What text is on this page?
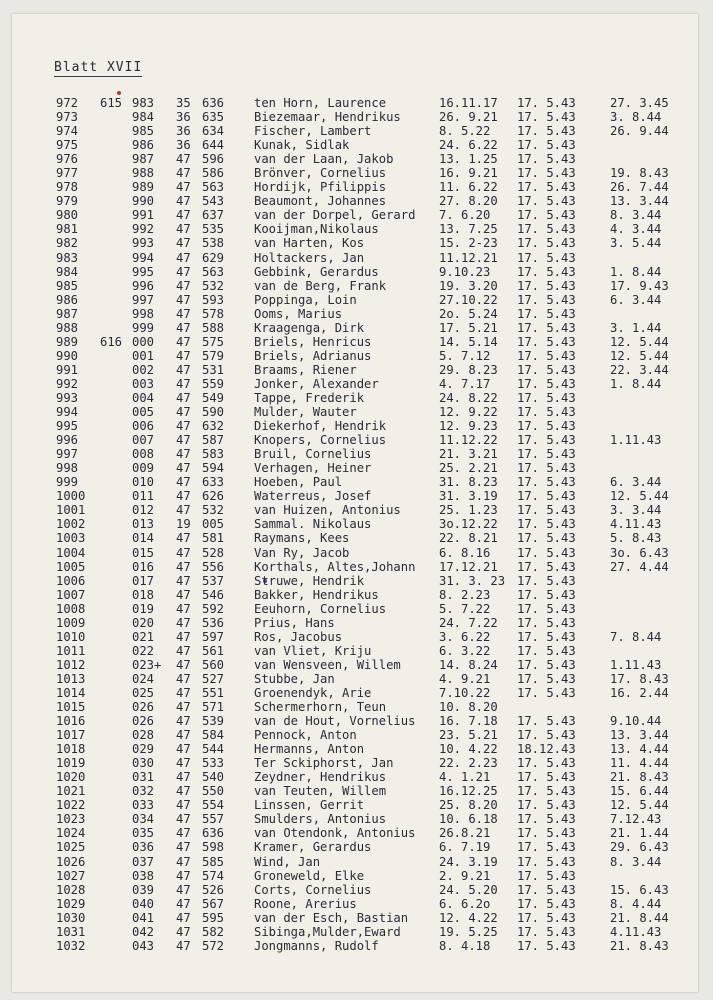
Blatt XVII
972 615 983 35 636 ten Horn, Laurence	16.11.17 17. 5.43	27. 3.45
973	984 36 635 Biezemaar, Hendrikus	26. 9.21 17. 5.43	3. 8.44
974	985 36 634 Fischer, Lambert	8. 5.22 17. 5.43	26. 9.44
975	986 36 644 Kunak, Sidlak	24. 6.22 17. 5.43
976	987 47 596 van der Laan, Jakob	13. 1.25 17. 5.43
977	988 47 586 Brönver, Cornelius	16. 9.21 17. 5.43	19. 8.43
978	989 47 563 Hordijk, Pfilippis	11. 6.22 17. 5.43	26. 7.44
979	990 47 543 Beaumont, Johannes	27. 8.20 17. 5.43	13. 3.44
980	991 47 637 van der Dorpel, Gerard 7. 6.20 17. 5.43	8. 3.44
981	992 47 535 Kooijman,Nikolaus	13. 7.25 17. 5.43	4. 3.44
982	993 47 538 van Harten, Kos	15. 2-23 17. 5.43	3. 5.44
983	994 47 629 Holtackers, Jan	11.12.21 17. 5.43
984	995 47 563 Gebbink, Gerardus	9.10.23 17. 5.43	1. 8.44
985	996 47 532 van de Berg, Frank	19. 3.20 17. 5.43	17. 9.43
986	997 47 593 Poppinga, Loin	27.10.22 17. 5.43	6. 3.44
987	998 47 578 Ooms, Marius	2o. 5.24 17. 5.43
988	999 47 588 Kraagenga, Dirk	17. 5.21 17. 5.43	3. 1.44
989 616 000 47 575 Briels, Henricus	14. 5.14 17. 5.43	12. 5.44
990	001 47 579 Briels, Adrianus	5. 7.12 17. 5.43	12. 5.44
991	002 47 531 Braams, Riener	29. 8.23 17. 5.43	22. 3.44
992	003 47 559 Jonker, Alexander	4. 7.17 17. 5.43	1. 8.44
993	004 47 549 Tappe, Frederik	24. 8.22 17. 5.43
994	005 47 590 Mulder, Wauter	12. 9.22 17. 5.43
995	006 47 632 Diekerhof, Hendrik	12. 9.23 17. 5.43
996	007 47 587 Knopers, Cornelius	11.12.22 17. 5.43	1.11.43
997	008 47 583 Bruil, Cornelius	21. 3.21 17. 5.43
998	009 47 594 Verhagen, Heiner	25. 2.21 17. 5.43
999	010 47 633 Hoeben, Paul	31. 8.23 17. 5.43	6. 3.44
1000	011 47 626 Waterreus, Josef	31. 3.19 17. 5.43	12. 5.44
1001	012 47 532 van Huizen, Antonius	25. 1.23 17. 5.43	3. 3.44
1002	013 19 005 Sammal. Nikolaus	3o.12.22 17. 5.43	4.11.43
1003	014 47 581 Raymans, Kees	22. 8.21 17. 5.43	5. 8.43
1004	015 47 528 Van Ry, Jacob	6. 8.16 17. 5.43	3o. 6.43
1005	016 47 556 Korthals, Altes,Johann 17.12.21 17. 5.43	27. 4.44
1006	017 47 537 Struwe, Hendrik	31. 3. 23 17. 5.43
1007	018 47 546 Bakker, Hendrikus	8. 2.23 17. 5.43
1008	019 47 592 Eeuhorn, Cornelius	5. 7.22 17. 5.43
1009	020 47 536 Prius, Hans	24. 7.22 17. 5.43
1010	021 47 597 Ros, Jacobus	3. 6.22 17. 5.43	7. 8.44
1011	022 47 561 van Vliet, Kriju	6. 3.22 17. 5.43
1012	023+ 47 560 van Wensveen, Willem	14. 8.24 17. 5.43	1.11.43
1013	024 47 527 Stubbe, Jan	4. 9.21 17. 5.43	17. 8.43
1014	025 47 551 Groenendyk, Arie	7.10.22 17. 5.43	16. 2.44
1015	026 47 571 Schermerhorn, Teun	10. 8.20
1016	026 47 539 van de Hout, Vornelius 16. 7.18 17. 5.43	9.10.44
1017	028 47 584 Pennock, Anton	23. 5.21 17. 5.43	13. 3.44
1018	029 47 544 Hermanns, Anton	10. 4.22 18.12.43	13. 4.44
1019	030 47 533 Ter Sckiphorst, Jan	22. 2.23 17. 5.43	11. 4.44
1020	031 47 540 Zeydner, Hendrikus	4. 1.21 17. 5.43	21. 8.43
1021	032 47 550 van Teuten, Willem	16.12.25 17. 5.43	15. 6.44
1022	033 47 554 Linssen, Gerrit	25. 8.20 17. 5.43	12. 5.44
1023	034 47 557 Smulders, Antonius	10. 6.18 17. 5.43	7.12.43
1024	035 47 636 van Otendonk, Antonius 26.8.21 17. 5.43	21. 1.44
1025	036 47 598 Kramer, Gerardus	6. 7.19 17. 5.43	29. 6.43
1026	037 47 585 Wind, Jan	24. 3.19 17. 5.43	8. 3.44
1027	038 47 574 Groneweld, Elke	2. 9.21 17. 5.43
1028	039 47 526 Corts, Cornelius	24. 5.20 17. 5.43	15. 6.43
1029	040 47 567 Roone, Arerius	6. 6.2o 17. 5.43	8. 4.44
1030	041 47 595 van der Esch, Bastian	12. 4.22 17. 5.43	21. 8.44
1031	042 47 582 Sibinga,Mulder,Eward	19. 5.25 17. 5.43	4.11.43
1032	043 47 572 Jongmanns, Rudolf	8. 4.18 17. 5.43	21. 8.43
